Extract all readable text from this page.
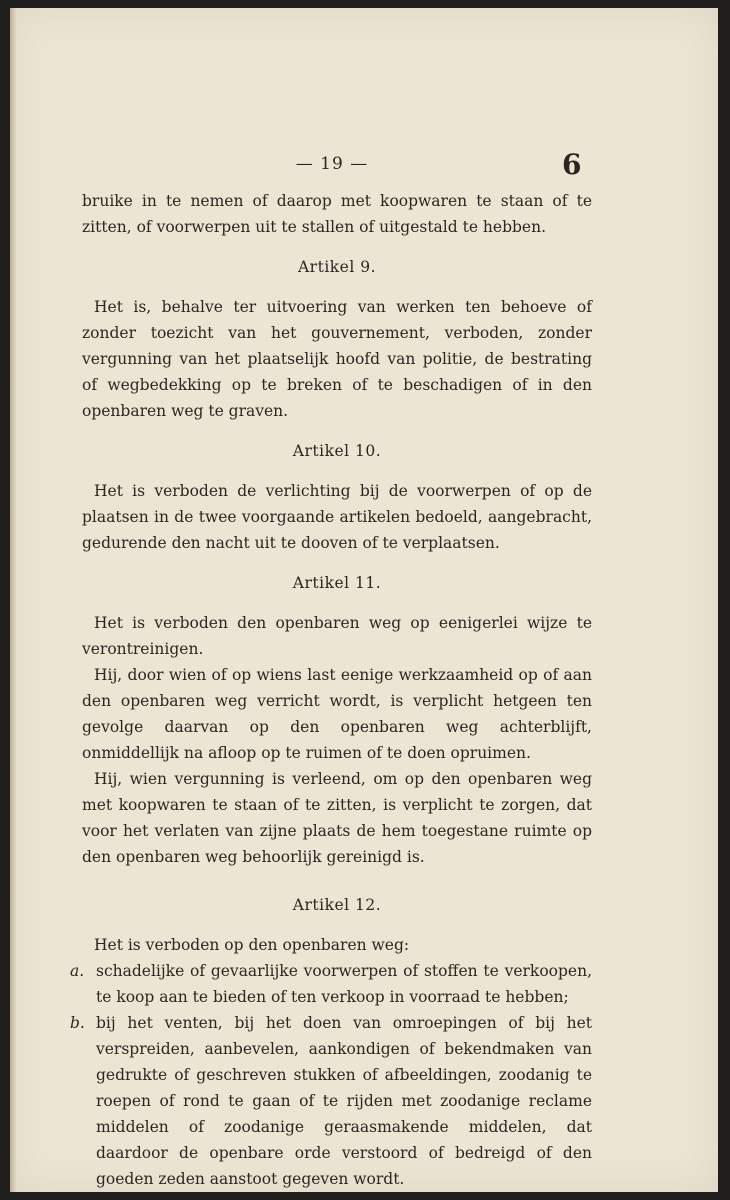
— 19 —	6

bruike in te nemen of daarop met koopwaren te staan of te zitten, of voorwerpen uit te stallen of uitgestald te hebben.

Artikel 9.

Het is, behalve ter uitvoering van werken ten behoeve of zonder toezicht van het gouvernement, verboden, zonder vergunning van het plaatselijk hoofd van politie, de bestrating of wegbedekking op te breken of te beschadigen of in den openbaren weg te graven.

Artikel 10.

Het is verboden de verlichting bij de voorwerpen of op de plaatsen in de twee voorgaande artikelen bedoeld, aangebracht, gedurende den nacht uit te dooven of te verplaatsen.

Artikel 11.

Het is verboden den openbaren weg op eenigerlei wijze te verontreinigen.

Hij, door wien of op wiens last eenige werkzaamheid op of aan den openbaren weg verricht wordt, is verplicht hetgeen ten gevolge daarvan op den openbaren weg achterblijft, onmiddellijk na afloop op te ruimen of te doen opruimen.

Hij, wien vergunning is verleend, om op den openbaren weg met koopwaren te staan of te zitten, is verplicht te zorgen, dat voor het verlaten van zijne plaats de hem toegestane ruimte op den openbaren weg behoorlijk gereinigd is.

Artikel 12.

Het is verboden op den openbaren weg:

a. schadelijke of gevaarlijke voorwerpen of stoffen te verkoopen, te koop aan te bieden of ten verkoop in voorraad te hebben;
b. bij het venten, bij het doen van omroepingen of bij het verspreiden, aanbevelen, aankondigen of bekendmaken van gedrukte of geschreven stukken of afbeeldingen, zoodanig te roepen of rond te gaan of te rijden met zoodanige reclame middelen of zoodanige geraasmakende middelen, dat daardoor de openbare orde verstoord of bedreigd of den goeden zeden aanstoot gegeven wordt.
